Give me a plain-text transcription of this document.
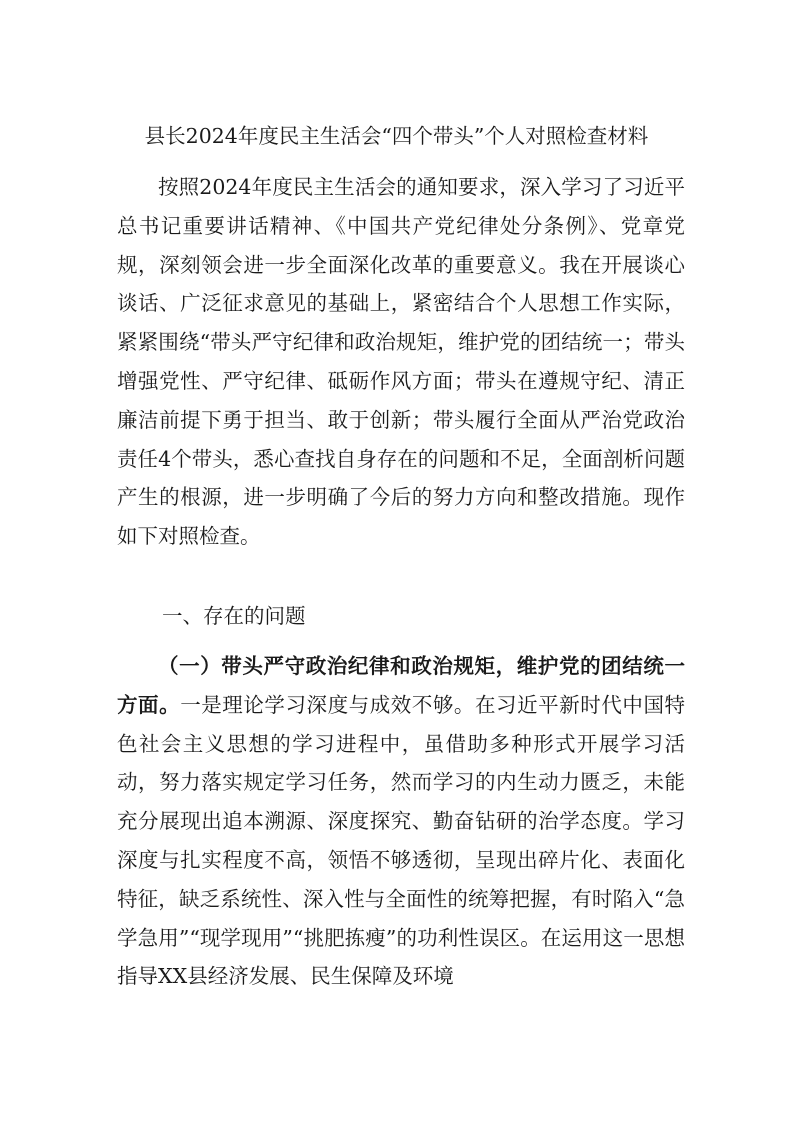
县长2024年度民主生活会“四个带头”个人对照检查材料

按照2024年度民主生活会的通知要求，深入学习了习近平总书记重要讲话精神、《中国共产党纪律处分条例》、党章党规，深刻领会进一步全面深化改革的重要意义。我在开展谈心谈话、广泛征求意见的基础上，紧密结合个人思想工作实际，紧紧围绕“带头严守纪律和政治规矩，维护党的团结统一；带头增强党性、严守纪律、砥砺作风方面；带头在遵规守纪、清正廉洁前提下勇于担当、敢于创新；带头履行全面从严治党政治责任4个带头，悉心查找自身存在的问题和不足，全面剖析问题产生的根源，进一步明确了今后的努力方向和整改措施。现作如下对照检查。

一、存在的问题

（一）带头严守政治纪律和政治规矩，维护党的团结统一方面。一是理论学习深度与成效不够。在习近平新时代中国特色社会主义思想的学习进程中，虽借助多种形式开展学习活动，努力落实规定学习任务，然而学习的内生动力匮乏，未能充分展现出追本溯源、深度探究、勤奋钻研的治学态度。学习深度与扎实程度不高，领悟不够透彻，呈现出碎片化、表面化特征，缺乏系统性、深入性与全面性的统筹把握，有时陷入“急学急用”“现学现用”“挑肥拣瘦”的功利性误区。在运用这一思想指导XX县经济发展、民生保障及环境
